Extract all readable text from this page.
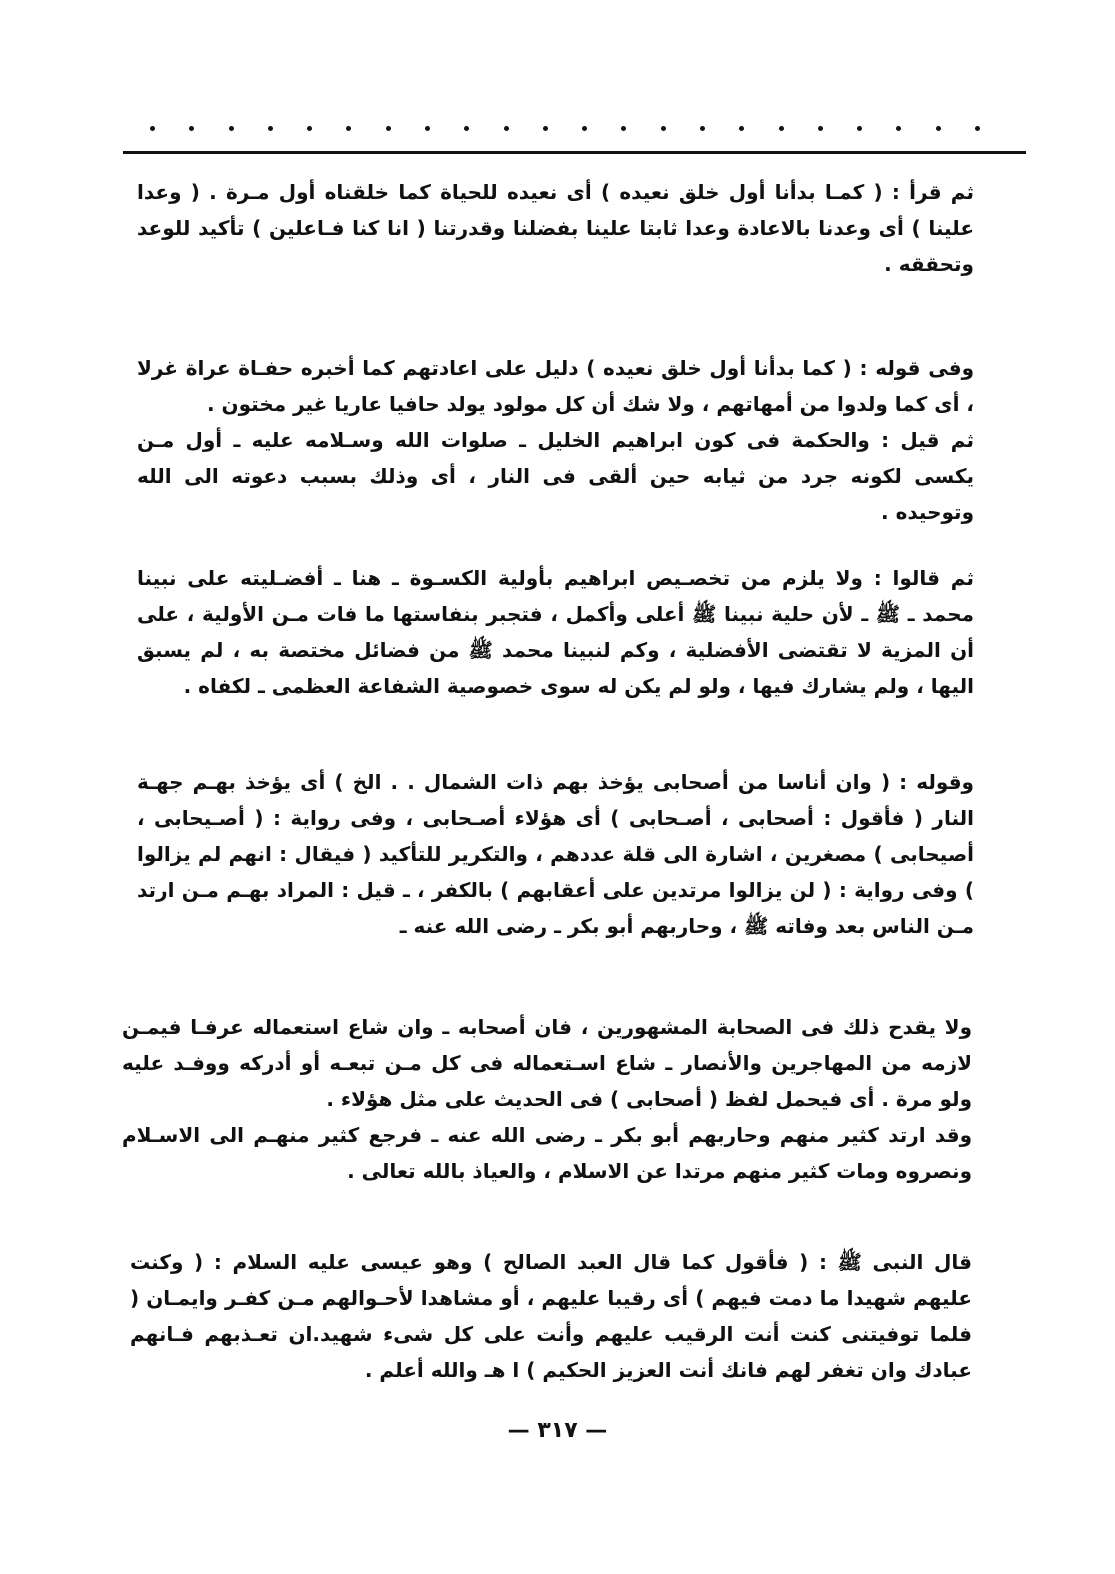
ثم قرأ : ( كمـا بدأنا أول خلق نعيده ) أى نعيده للحياة كما خلقناه أول مـرة . ( وعدا علينا ) أى وعدنا بالاعادة وعدا ثابتا علينا بفضلنا وقدرتنا ( انا كنا فـاعلين ) تأكيد للوعد وتحققه .

وفى قوله : ( كما بدأنا أول خلق نعيده ) دليل على اعادتهم كما أخبره حفـاة عراة غرلا ، أى كما ولدوا من أمهاتهم ، ولا شك أن كل مولود يولد حافيا عاريا غير مختون .

ثم قيل : والحكمة فى كون ابراهيم الخليل ـ صلوات الله وسـلامه عليه ـ أول مـن يكسى لكونه جرد من ثيابه حين ألقى فى النار ، أى وذلك بسبب دعوته الى الله وتوحيده .

ثم قالوا : ولا يلزم من تخصـيص ابراهيم بأولية الكسـوة ـ هنا ـ أفضـليته على نبينا محمد ـ ﷺ ـ لأن حلية نبينا ﷺ أعلى وأكمل ، فتجبر بنفاستها ما فات مـن الأولية ، على أن المزية لا تقتضى الأفضلية ، وكم لنبينا محمد ﷺ من فضائل مختصة به ، لم يسبق اليها ، ولم يشارك فيها ، ولو لم يكن له سوى خصوصية الشفاعة العظمى ـ لكفاه .

وقوله : ( وان أناسا من أصحابى يؤخذ بهم ذات الشمال . . الخ ) أى يؤخذ بهـم جهـة النار ( فأقول : أصحابى ، أصـحابى ) أى هؤلاء أصـحابى ، وفى رواية : ( أصـيحابى ، أصيحابى ) مصغرين ، اشارة الى قلة عددهم ، والتكرير للتأكيد ( فيقال : انهم لم يزالوا ) وفى رواية : ( لن يزالوا مرتدين على أعقابهم ) بالكفر ، ـ قيل : المراد بهـم مـن ارتد مـن الناس بعد وفاته ﷺ ، وحاربهم أبو بكر ـ رضى الله عنه ـ

ولا يقدح ذلك فى الصحابة المشهورين ، فان أصحابه ـ وان شاع استعماله عرفـا فيمـن لازمه من المهاجرين والأنصار ـ شاع اسـتعماله فى كل مـن تبعـه أو أدركه ووفـد عليه ولو مرة . أى فيحمل لفظ ( أصحابى ) فى الحديث على مثل هؤلاء .

وقد ارتد كثير منهم وحاربهم أبو بكر ـ رضى الله عنه ـ فرجع كثير منهـم الى الاسـلام ونصروه ومات كثير منهم مرتدا عن الاسلام ، والعياذ بالله تعالى .

قال النبى ﷺ : ( فأقول كما قال العبد الصالح ) وهو عيسى عليه السلام : ( وكنت عليهم شهيدا ما دمت فيهم ) أى رقيبا عليهم ، أو مشاهدا لأحـوالهم مـن كفـر وايمـان ( فلما توفيتنى كنت أنت الرقيب عليهم وأنت على كل شىء شهيد.ان تعـذبهم فـانهم عبادك وان تغفر لهم فانك أنت العزيز الحكيم ) ا هـ والله أعلم .

— ٣١٧ —
